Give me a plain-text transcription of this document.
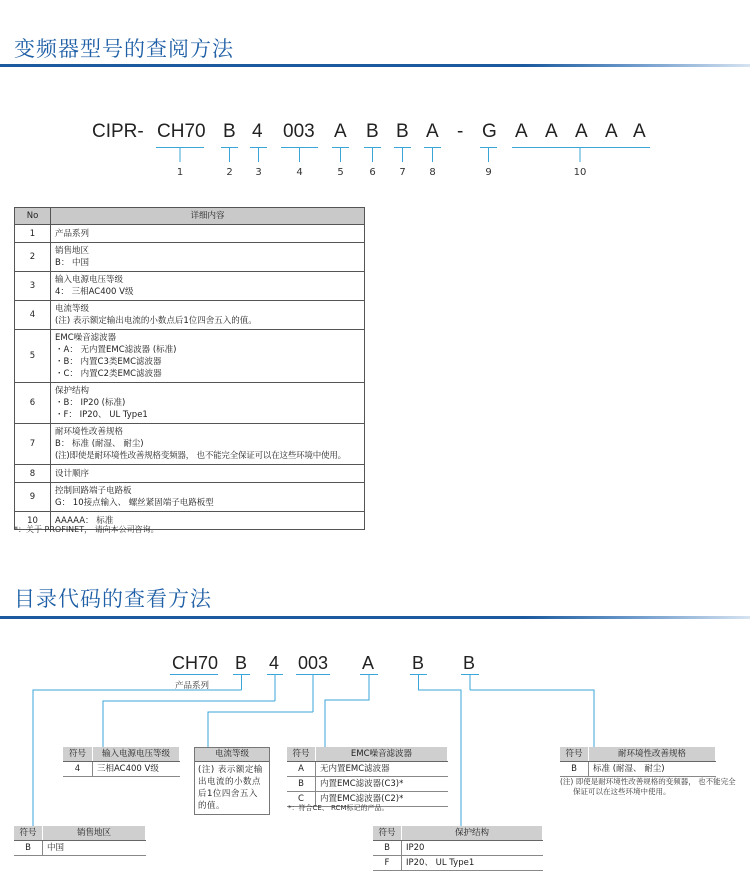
变频器型号的查阅方法
CIPR- CH70 B 4 003 A B B A - G A A A A A
1	2	3	4	5	6	7	8	9	10
No	详细内容
1	产品系列

2	销售地区
B： 中国

3	输入电源电压等级
4： 三相AC400 V级

4	电流等级
(注) 表示额定输出电流的小数点后1位四舍五入的值。

5	EMC噪音滤波器
・A： 无内置EMC滤波器 (标准)
・B： 内置C3类EMC滤波器
・C： 内置C2类EMC滤波器

6	保护结构
・B： IP20 (标准)
・F： IP20、 UL Type1

7	耐环境性改善规格
B： 标准 (耐湿、 耐尘)
(注)即使是耐环境性改善规格变频器， 也不能完全保证可以在这些环境中使用。

8	设计顺序

9	控制回路端子电路板
G： 10接点输入、 螺丝紧固端子电路板型

10	AAAAA： 标准
*：关于 PROFINET， 请向本公司咨询。
目录代码的查看方法
CH70 B 4 003 A B B
产品系列
符号	输入电源电压等级
4	三相AC400 V级
电流等级
(注) 表示额定输出电流的小数点后1位四舍五入的值。
符号	EMC噪音滤波器
A	无内置EMC滤波器
B	内置EMC滤波器(C3)*
C	内置EMC滤波器(C2)*
*：符合CE、 RCM标记的产品。
符号	耐环境性改善规格
B	标准 (耐湿、 耐尘)
(注) 即使是耐环境性改善规格的变频器， 也不能完全
保证可以在这些环境中使用。
符号	销售地区
B	中国
符号	保护结构
B	IP20
F	IP20、 UL Type1
